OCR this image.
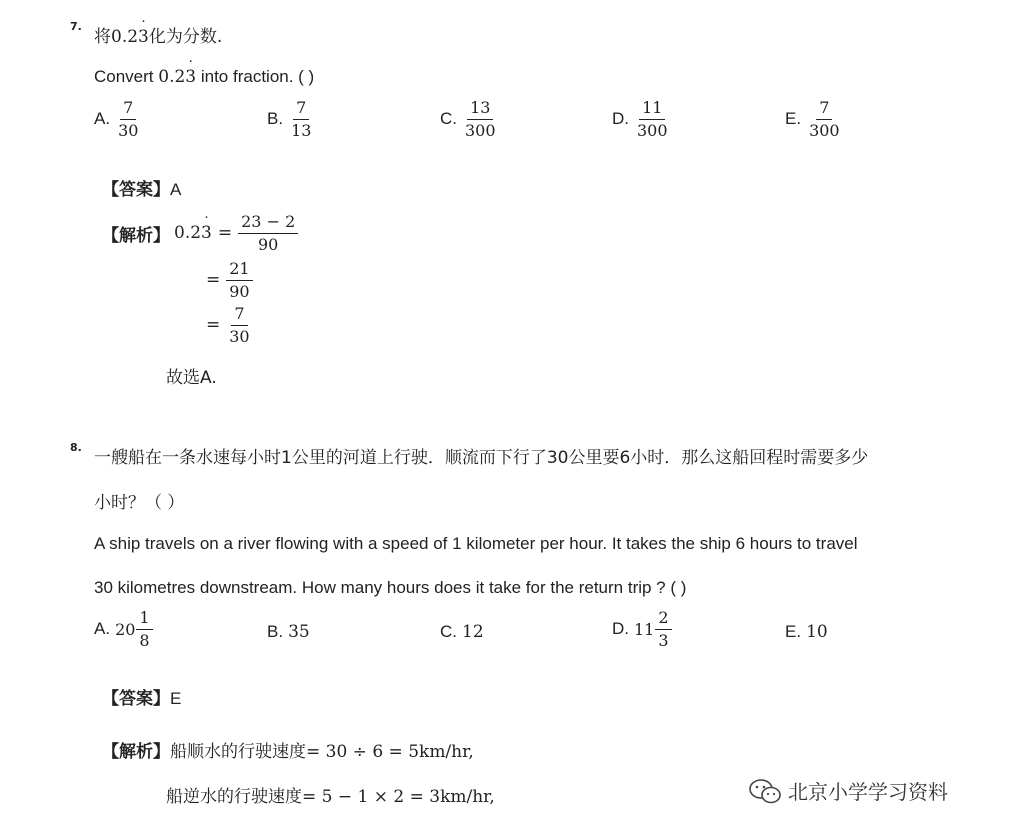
7.
将0.23 ˙化为分数.
Convert 0.23 ˙ into fraction. ( )
A. $\frac{7}{30}$	B. $\frac{7}{13}$	C. $\frac{13}{300}$	D. $\frac{11}{300}$	E. $\frac{7}{300}$
【答案】A
【解析】 0.2 3 ˙ = $\frac{23 - 2}{90}$
= $\frac{21}{90}$
= $\frac{7}{30}$
故选A.
8.
一艘船在一条水速每小时1公里的河道上行驶．顺流而下行了30公里要6小时．那么这船回程时需要多少
小时？（ ）
A ship travels on a river flowing with a speed of 1 kilometer per hour. It takes the ship 6 hours to travel
30 kilometres downstream. How many hours does it take for the return trip ? ( )
A. $20 \frac{1}{8}$	B. 35	C. 12	D. $11 \frac{2}{3}$	E. 10
【答案】E
【解析】船顺水的行驶速度= 30 ÷ 6 = 5km/hr,
船逆水的行驶速度= 5 − 1 × 2 = 3km/hr,	北京小学学习资料
